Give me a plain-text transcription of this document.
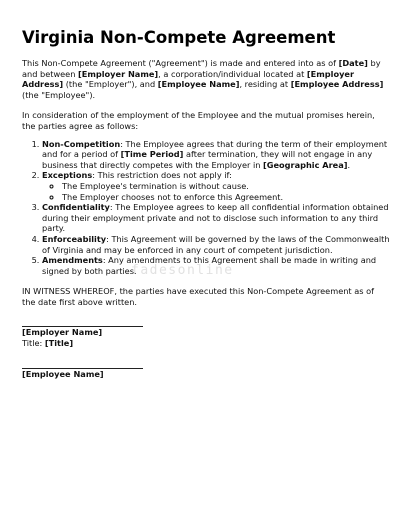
Virginia Non-Compete Agreement

This Non-Compete Agreement ("Agreement") is made and entered into as of [Date] by and between [Employer Name], a corporation/individual located at [Employer Address] (the "Employer"), and [Employee Name], residing at [Employee Address] (the "Employee").

In consideration of the employment of the Employee and the mutual promises herein, the parties agree as follows:

1. Non-Competition: The Employee agrees that during the term of their employment and for a period of [Time Period] after termination, they will not engage in any business that directly competes with the Employer in [Geographic Area].
2. Exceptions: This restriction does not apply if:
◦ The Employee's termination is without cause.
◦ The Employer chooses not to enforce this Agreement.
3. Confidentiality: The Employee agrees to keep all confidential information obtained during their employment private and not to disclose such information to any third party.
4. Enforceability: This Agreement will be governed by the laws of the Commonwealth of Virginia and may be enforced in any court of competent jurisdiction.
5. Amendments: Any amendments to this Agreement shall be made in writing and signed by both parties.

IN WITNESS WHEREOF, the parties have executed this Non-Compete Agreement as of the date first above written.

[Employer Name]

Title: [Title]

[Employee Name]

fadesonline
